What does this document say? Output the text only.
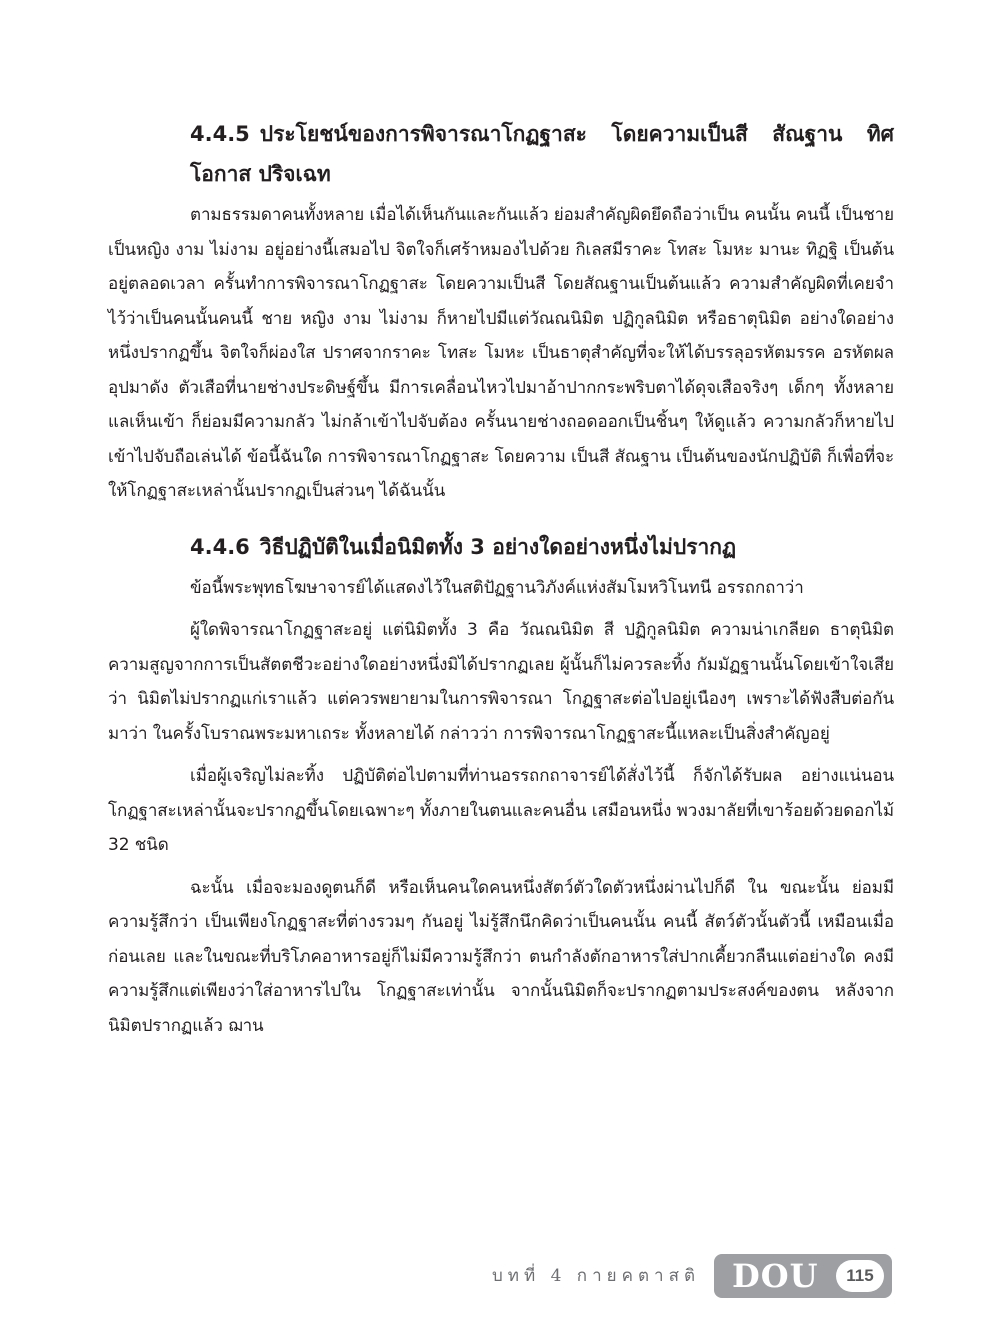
4.4.5 ประโยชน์ของการพิจารณาโกฏฐาสะ โดยความเป็นสี สัณฐาน ทิศ โอกาส ปริจเฉท

ตามธรรมดาคนทั้งหลาย เมื่อได้เห็นกันและกันแล้ว ย่อมสำคัญผิดยึดถือว่าเป็น คนนั้น คนนี้ เป็นชาย เป็นหญิง งาม ไม่งาม อยู่อย่างนี้เสมอไป จิตใจก็เศร้าหมองไปด้วย กิเลสมีราคะ โทสะ โมหะ มานะ ทิฏฐิ เป็นต้น อยู่ตลอดเวลา ครั้นทำการพิจารณาโกฏฐาสะ โดยความเป็นสี โดยสัณฐานเป็นต้นแล้ว ความสำคัญผิดที่เคยจำไว้ว่าเป็นคนนั้นคนนี้ ชาย หญิง งาม ไม่งาม ก็หายไปมีแต่วัณณนิมิต ปฏิกูลนิมิต หรือธาตุนิมิต อย่างใดอย่างหนึ่งปรากฏขึ้น จิตใจก็ผ่องใส ปราศจากราคะ โทสะ โมหะ เป็นธาตุสำคัญที่จะให้ได้บรรลุอรหัตมรรค อรหัตผล อุปมาดัง ตัวเสือที่นายช่างประดิษฐ์ขึ้น มีการเคลื่อนไหวไปมาอ้าปากกระพริบตาได้ดุจเสือจริงๆ เด็กๆ ทั้งหลายแลเห็นเข้า ก็ย่อมมีความกลัว ไม่กล้าเข้าไปจับต้อง ครั้นนายช่างถอดออกเป็นชิ้นๆ ให้ดูแล้ว ความกลัวก็หายไป เข้าไปจับถือเล่นได้ ข้อนี้ฉันใด การพิจารณาโกฏฐาสะ โดยความ เป็นสี สัณฐาน เป็นต้นของนักปฏิบัติ ก็เพื่อที่จะให้โกฏฐาสะเหล่านั้นปรากฏเป็นส่วนๆ ได้ฉันนั้น

4.4.6 วิธีปฏิบัติในเมื่อนิมิตทั้ง 3 อย่างใดอย่างหนึ่งไม่ปรากฏ

ข้อนี้พระพุทธโฆษาจารย์ได้แสดงไว้ในสติปัฏฐานวิภังค์แห่งสัมโมหวิโนทนี อรรถกถาว่า

ผู้ใดพิจารณาโกฏฐาสะอยู่ แต่นิมิตทั้ง 3 คือ วัณณนิมิต สี ปฏิกูลนิมิต ความน่าเกลียด ธาตุนิมิต ความสูญจากการเป็นสัตตชีวะอย่างใดอย่างหนึ่งมิได้ปรากฏเลย ผู้นั้นก็ไม่ควรละทิ้ง กัมมัฏฐานนั้นโดยเข้าใจเสียว่า นิมิตไม่ปรากฏแก่เราแล้ว แต่ควรพยายามในการพิจารณา โกฏฐาสะต่อไปอยู่เนืองๆ เพราะได้ฟังสืบต่อกันมาว่า ในครั้งโบราณพระมหาเถระ ทั้งหลายได้ กล่าวว่า การพิจารณาโกฏฐาสะนี้แหละเป็นสิ่งสำคัญอยู่

เมื่อผู้เจริญไม่ละทิ้ง ปฏิบัติต่อไปตามที่ท่านอรรถกถาจารย์ได้สั่งไว้นี้ ก็จักได้รับผล อย่างแน่นอน โกฏฐาสะเหล่านั้นจะปรากฏขึ้นโดยเฉพาะๆ ทั้งภายในตนและคนอื่น เสมือนหนึ่ง พวงมาลัยที่เขาร้อยด้วยดอกไม้ 32 ชนิด

ฉะนั้น เมื่อจะมองดูตนก็ดี หรือเห็นคนใดคนหนึ่งสัตว์ตัวใดตัวหนึ่งผ่านไปก็ดี ใน ขณะนั้น ย่อมมีความรู้สึกว่า เป็นเพียงโกฏฐาสะที่ต่างรวมๆ กันอยู่ ไม่รู้สึกนึกคิดว่าเป็นคนนั้น คนนี้ สัตว์ตัวนั้นตัวนี้ เหมือนเมื่อก่อนเลย และในขณะที่บริโภคอาหารอยู่ก็ไม่มีความรู้สึกว่า ตนกำลังตักอาหารใส่ปากเคี้ยวกลืนแต่อย่างใด คงมีความรู้สึกแต่เพียงว่าใส่อาหารไปใน โกฏฐาสะเท่านั้น จากนั้นนิมิตก็จะปรากฏตามประสงค์ของตน หลังจากนิมิตปรากฏแล้ว ฌาน

บทที่ 4 กายคตาสติ DOU	115
